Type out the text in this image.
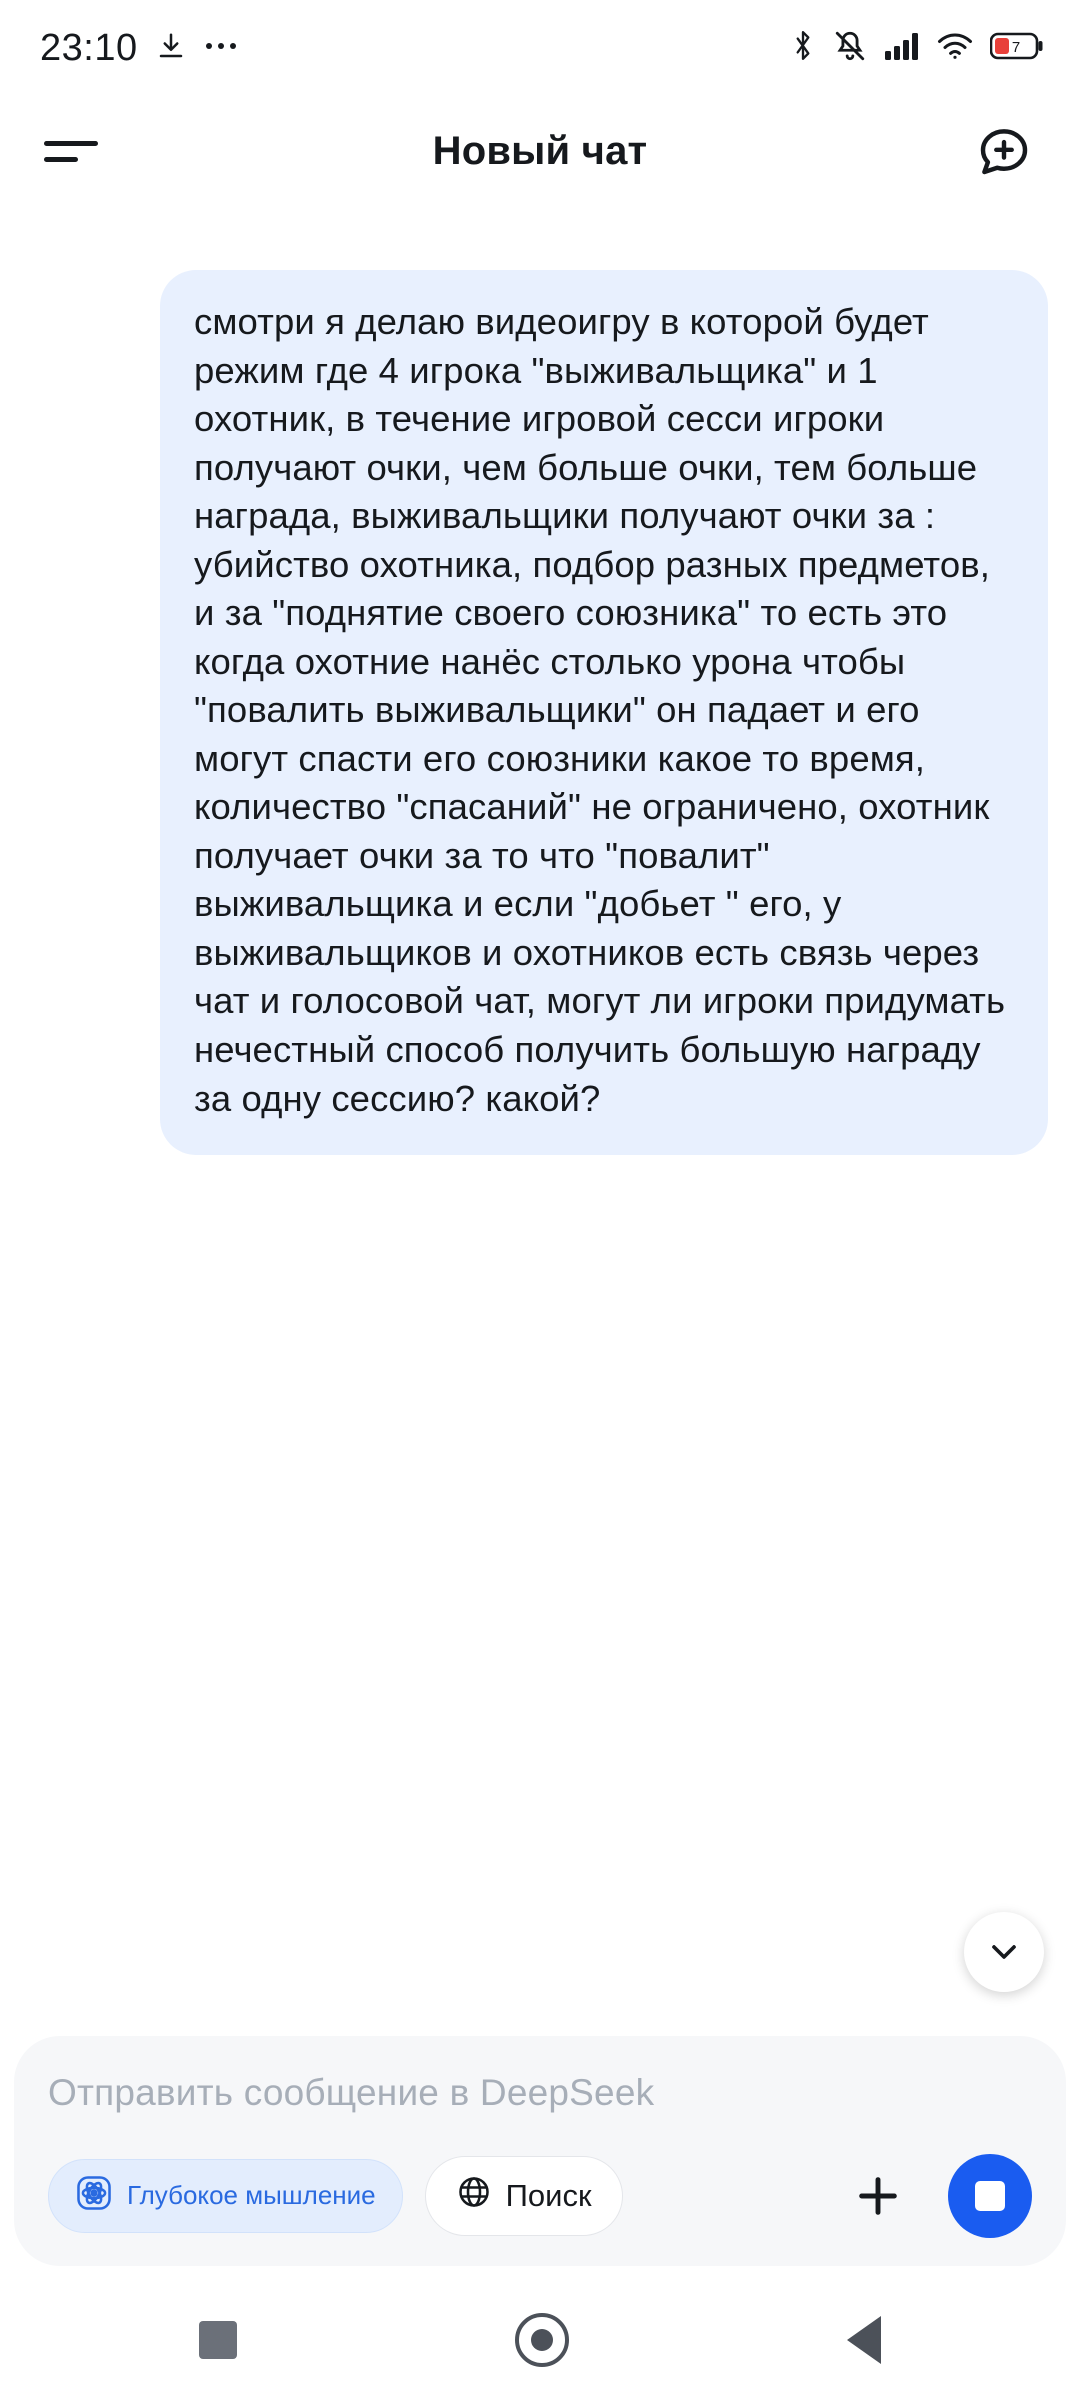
23:10	7
Новый чат
смотри я делаю видеоигру в которой будет режим где 4 игрока "выживальщика" и 1 охотник, в течение игровой сесси игроки получают очки, чем больше очки, тем больше награда, выживальщики получают очки за : убийство охотника, подбор разных предметов, и за "поднятие своего союзника" то есть это когда охотние нанёс столько урона чтобы "повалить выживальщики" он падает и его могут спасти его союзники какое то время, количество "спасаний" не ограничено, охотник получает очки за то что "повалит" выживальщика и если "добьет " его, у выживальщиков и охотников есть связь через чат и голосовой чат, могут ли игроки придумать нечестный способ получить большую награду за одну сессию? какой?
Отправить сообщение в DeepSeek
Глубокое мышление	Поиск
